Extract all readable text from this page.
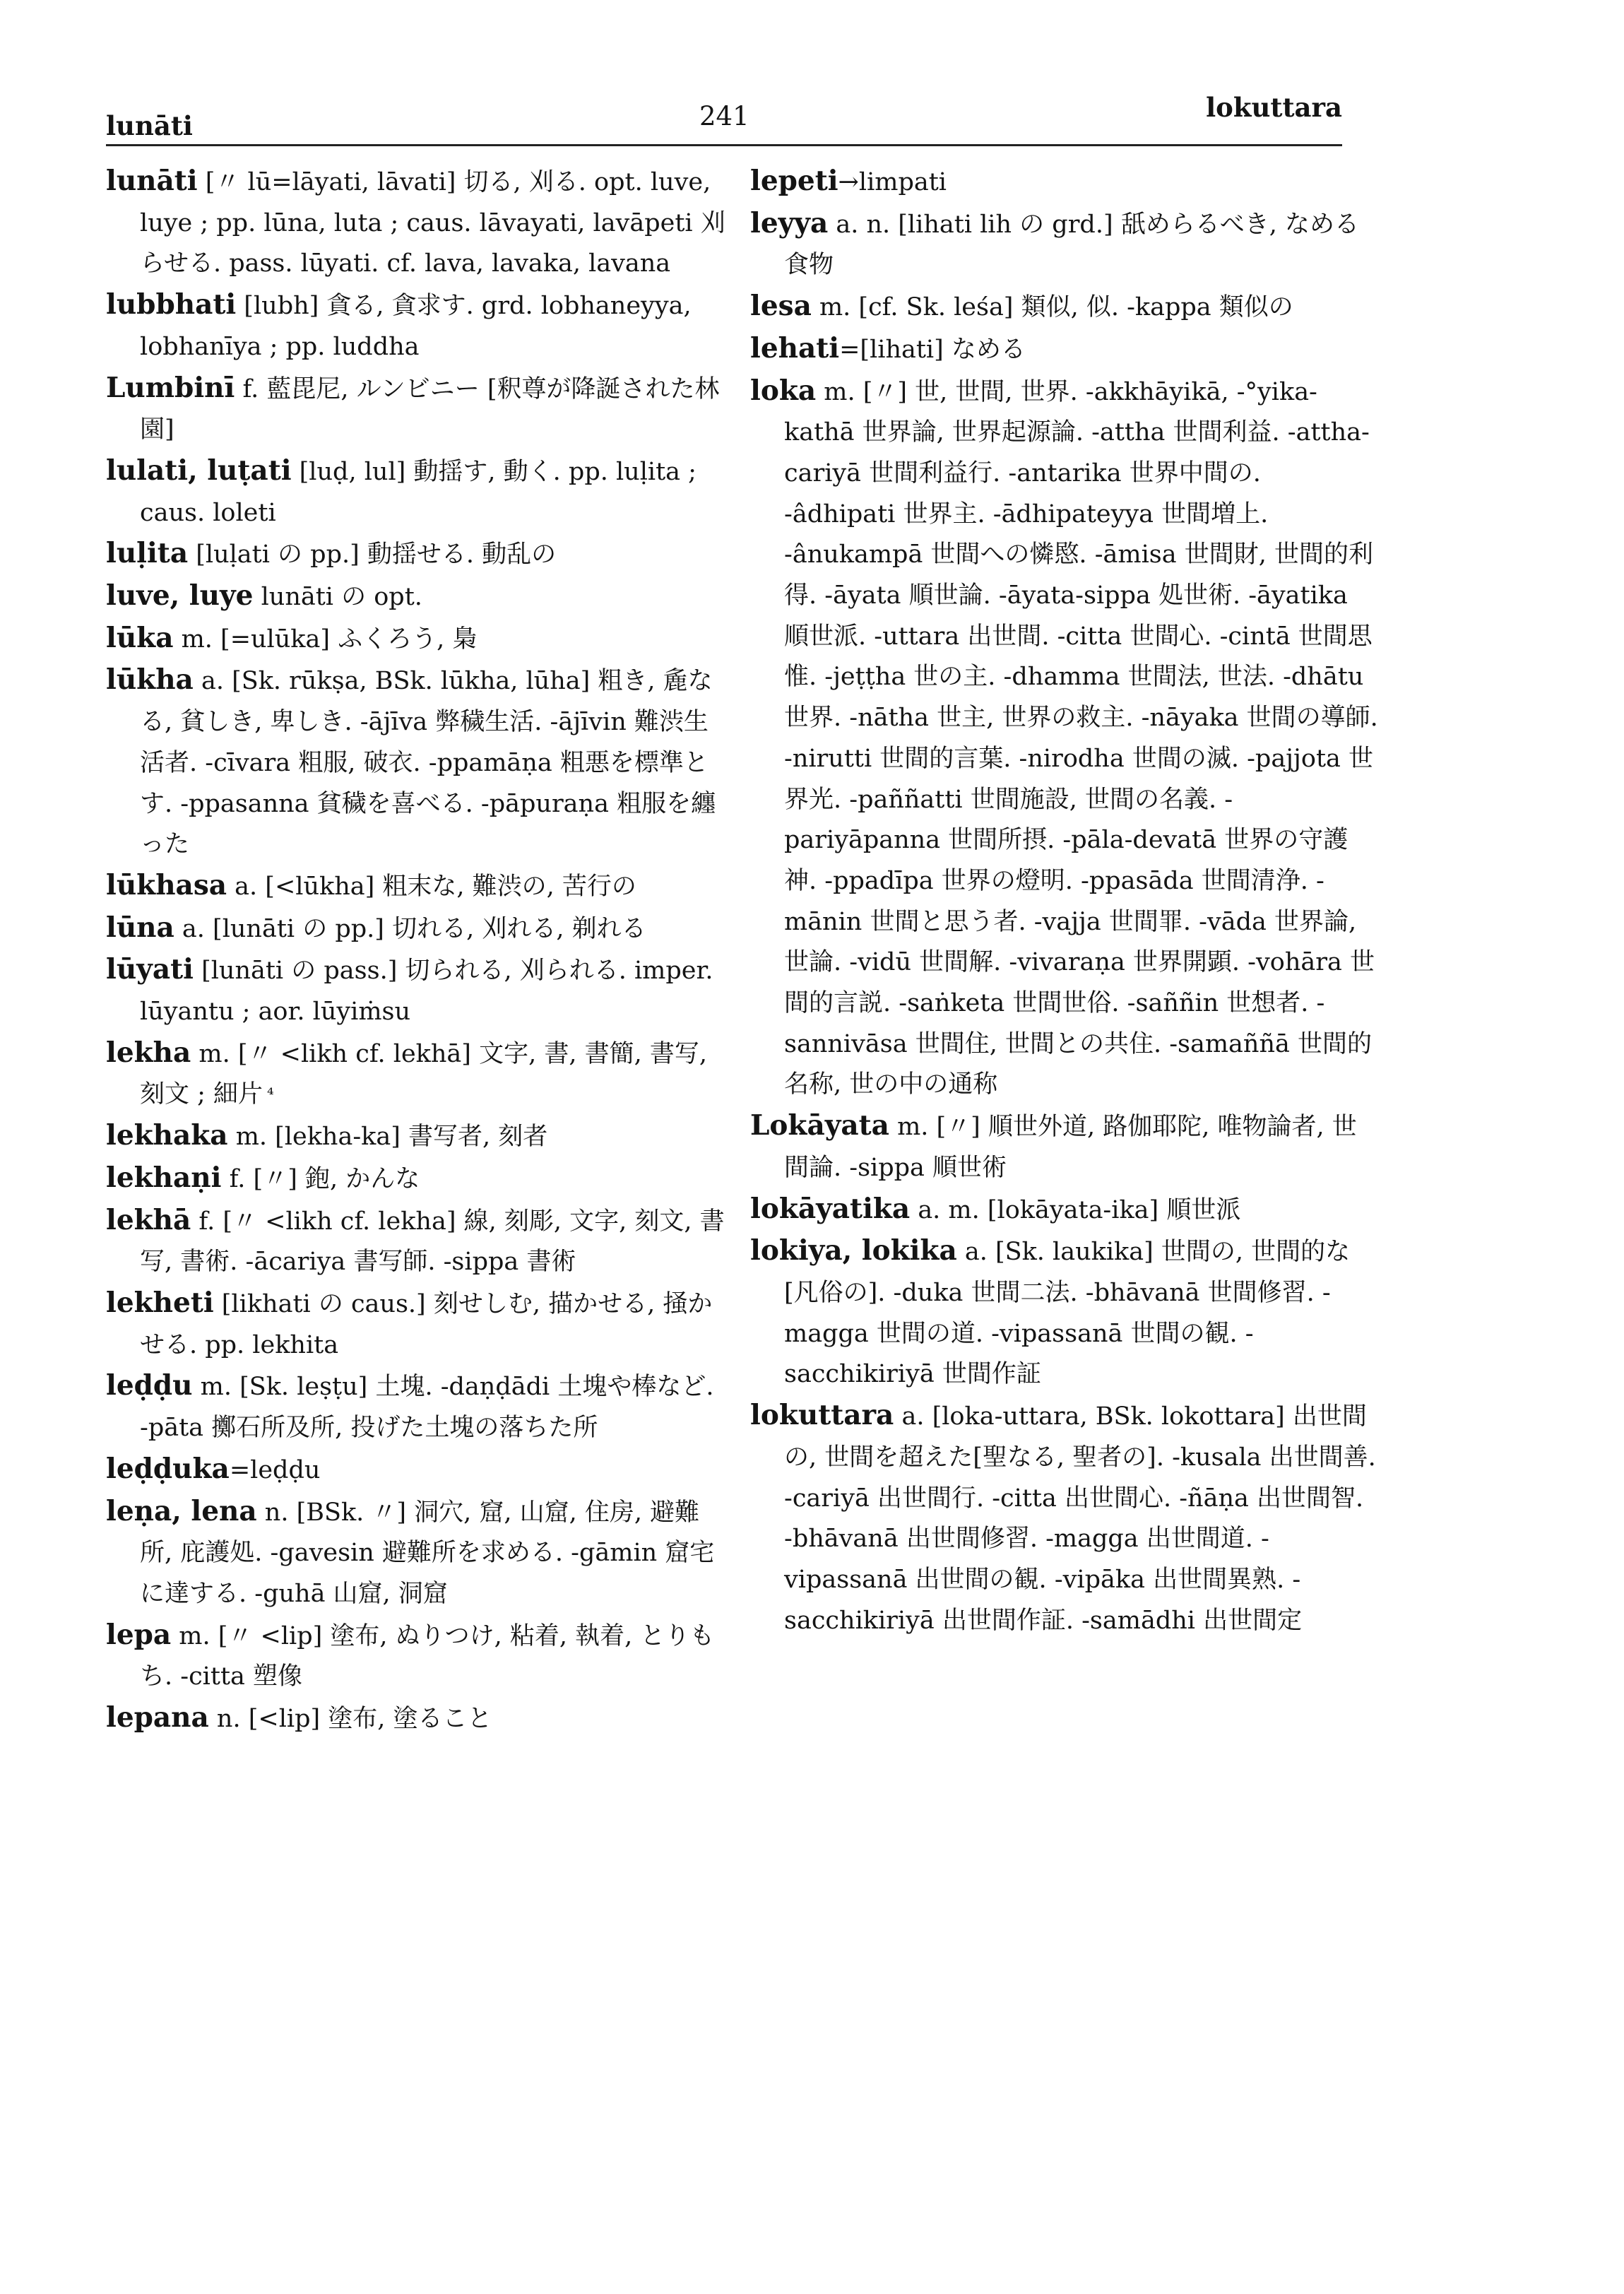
lunāti	241	lokuttara

lunāti [〃 lū=lāyati, lāvati] 切る, 刈る. opt. luve, luye ; pp. lūna, luta ; caus. lāvayati, lavāpeti 刈らせる. pass. lūyati. cf. lava, lavaka, lavana

lubbhati [lubh] 貪る, 貪求す. grd. lobhaneyya, lobhanīya ; pp. luddha

Lumbinī f. 藍毘尼, ルンビニー [釈尊が降誕された林園]

lulati, luṭati [luḍ, lul] 動揺す, 動く. pp. luḷita ; caus. loleti

luḷita [luḷati の pp.] 動揺せる. 動乱の

luve, luye lunāti の opt.

lūka m. [=ulūka] ふくろう, 梟

lūkha a. [Sk. rūkṣa, BSk. lūkha, lūha] 粗き, 麁なる, 貧しき, 卑しき. -ājīva 弊穢生活. -ājīvin 難渋生活者. -cīvara 粗服, 破衣. -ppamāṇa 粗悪を標準とす. -ppasanna 貧穢を喜べる. -pāpuraṇa 粗服を纏った

lūkhasa a. [<lūkha] 粗末な, 難渋の, 苦行の

lūna a. [lunāti の pp.] 切れる, 刈れる, 剃れる

lūyati [lunāti の pass.] 切られる, 刈られる. imper. lūyantu ; aor. lūyiṁsu

lekha m. [〃 <likh cf. lekhā] 文字, 書, 書簡, 書写, 刻文 ; 細片 $^{^4}$

lekhaka m. [lekha-ka] 書写者, 刻者

lekhaṇi f. [〃] 鉋, かんな

lekhā f. [〃 <likh cf. lekha] 線, 刻彫, 文字, 刻文, 書写, 書術. -ācariya 書写師. -sippa 書術

lekheti [likhati の caus.] 刻せしむ, 描かせる, 掻かせる. pp. lekhita

leḍḍu m. [Sk. leṣṭu] 土塊. -daṇḍādi 土塊や棒など. -pāta 擲石所及所, 投げた土塊の落ちた所

leḍḍuka=leḍḍu

leṇa, lena n. [BSk. 〃] 洞穴, 窟, 山窟, 住房, 避難所, 庇護処. -gavesin 避難所を求める. -gāmin 窟宅に達する. -guhā 山窟, 洞窟

lepa m. [〃 <lip] 塗布, ぬりつけ, 粘着, 執着, とりもち. -citta 塑像

lepana n. [<lip] 塗布, 塗ること

lepeti→limpati

leyya a. n. [lihati lih の grd.] 舐めらるべき, なめる食物

lesa m. [cf. Sk. leśa] 類似, 似. -kappa 類似の

lehati=[lihati] なめる

loka m. [〃] 世, 世間, 世界. -akkhāyikā, -°yika-kathā 世界論, 世界起源論. -attha 世間利益. -attha-cariyā 世間利益行. -antarika 世界中間の. -âdhipati 世界主. -ādhipateyya 世間増上. -ânukampā 世間への憐愍. -āmisa 世間財, 世間的利得. -āyata 順世論. -āyata-sippa 処世術. -āyatika 順世派. -uttara 出世間. -citta 世間心. -cintā 世間思惟. -jeṭṭha 世の主. -dhamma 世間法, 世法. -dhātu 世界. -nātha 世主, 世界の救主. -nāyaka 世間の導師. -nirutti 世間的言葉. -nirodha 世間の滅. -pajjota 世界光. -paññatti 世間施設, 世間の名義. -pariyāpanna 世間所摂. -pāla-devatā 世界の守護神. -ppadīpa 世界の燈明. -ppasāda 世間清浄. -mānin 世間と思う者. -vajja 世間罪. -vāda 世界論, 世論. -vidū 世間解. -vivaraṇa 世界開顕. -vohāra 世間的言説. -saṅketa 世間世俗. -saññin 世想者. -sannivāsa 世間住, 世間との共住. -samaññā 世間的名称, 世の中の通称

Lokāyata m. [〃] 順世外道, 路伽耶陀, 唯物論者, 世間論. -sippa 順世術

lokāyatika a. m. [lokāyata-ika] 順世派

lokiya, lokika a. [Sk. laukika] 世間の, 世間的な[凡俗の]. -duka 世間二法. -bhāvanā 世間修習. -magga 世間の道. -vipassanā 世間の観. -sacchikiriyā 世間作証

lokuttara a. [loka-uttara, BSk. lokottara] 出世間の, 世間を超えた[聖なる, 聖者の]. -kusala 出世間善. -cariyā 出世間行. -citta 出世間心. -ñāṇa 出世間智. -bhāvanā 出世間修習. -magga 出世間道. -vipassanā 出世間の観. -vipāka 出世間異熟. -sacchikiriyā 出世間作証. -samādhi 出世間定
